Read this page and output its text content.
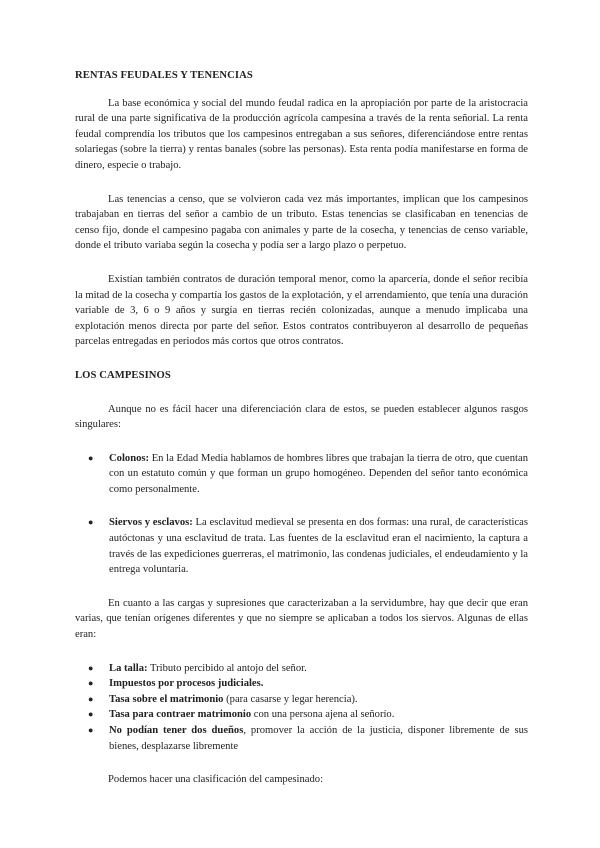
RENTAS FEUDALES Y TENENCIAS

La base económica y social del mundo feudal radica en la apropiación por parte de la aristocracia rural de una parte significativa de la producción agrícola campesina a través de la renta señorial. La renta feudal comprendía los tributos que los campesinos entregaban a sus señores, diferenciándose entre rentas solariegas (sobre la tierra) y rentas banales (sobre las personas). Esta renta podía manifestarse en forma de dinero, especie o trabajo.

Las tenencias a censo, que se volvieron cada vez más importantes, implican que los campesinos trabajaban en tierras del señor a cambio de un tributo. Estas tenencias se clasificaban en tenencias de censo fijo, donde el campesino pagaba con animales y parte de la cosecha, y tenencias de censo variable, donde el tributo variaba según la cosecha y podía ser a largo plazo o perpetuo.

Existían también contratos de duración temporal menor, como la aparcería, donde el señor recibía la mitad de la cosecha y compartía los gastos de la explotación, y el arrendamiento, que tenía una duración variable de 3, 6 o 9 años y surgía en tierras recién colonizadas, aunque a menudo implicaba una explotación menos directa por parte del señor. Estos contratos contribuyeron al desarrollo de pequeñas parcelas entregadas en periodos más cortos que otros contratos.

LOS CAMPESINOS

Aunque no es fácil hacer una diferenciación clara de estos, se pueden establecer algunos rasgos singulares:

● Colonos: En la Edad Media hablamos de hombres libres que trabajan la tierra de otro, que cuentan con un estatuto común y que forman un grupo homogéneo. Dependen del señor tanto económica como personalmente.
● Siervos y esclavos: La esclavitud medieval se presenta en dos formas: una rural, de características autóctonas y una esclavitud de trata. Las fuentes de la esclavitud eran el nacimiento, la captura a través de las expediciones guerreras, el matrimonio, las condenas judiciales, el endeudamiento y la entrega voluntaria.

En cuanto a las cargas y supresiones que caracterizaban a la servidumbre, hay que decir que eran varias, que tenían orígenes diferentes y que no siempre se aplicaban a todos los siervos. Algunas de ellas eran:

● La talla: Tributo percibido al antojo del señor.
● Impuestos por procesos judiciales.
● Tasa sobre el matrimonio (para casarse y legar herencia).
● Tasa para contraer matrimonio con una persona ajena al señorío.
● No podían tener dos dueños, promover la acción de la justicia, disponer libremente de sus bienes, desplazarse libremente

Podemos hacer una clasificación del campesinado:
